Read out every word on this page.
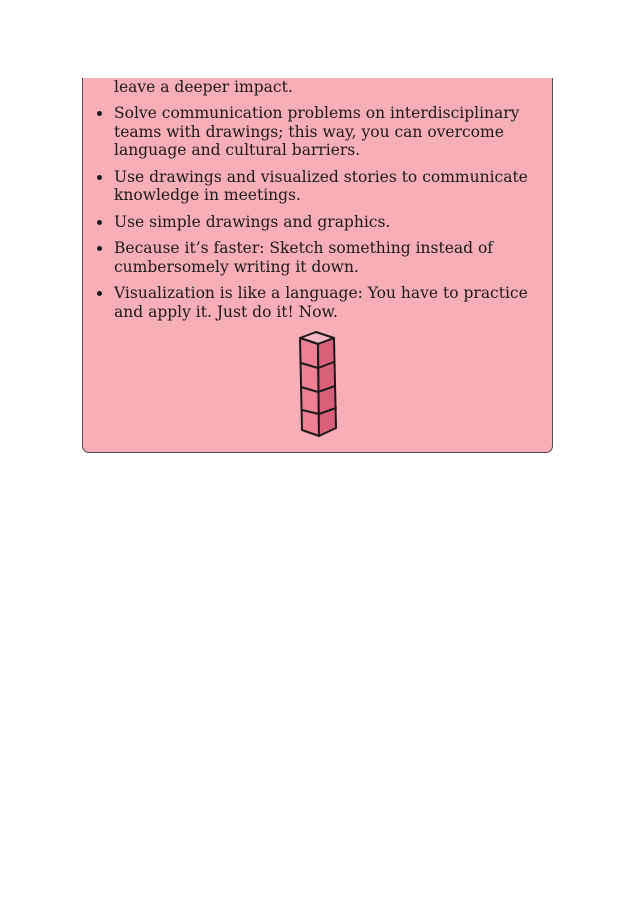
leave a deeper impact.

Solve communication problems on interdisciplinary teams with drawings; this way, you can overcome language and cultural barriers.
Use drawings and visualized stories to communicate knowledge in meetings.
Use simple drawings and graphics.
Because it’s faster: Sketch something instead of cumbersomely writing it down.
Visualization is like a language: You have to practice and apply it. Just do it! Now.
